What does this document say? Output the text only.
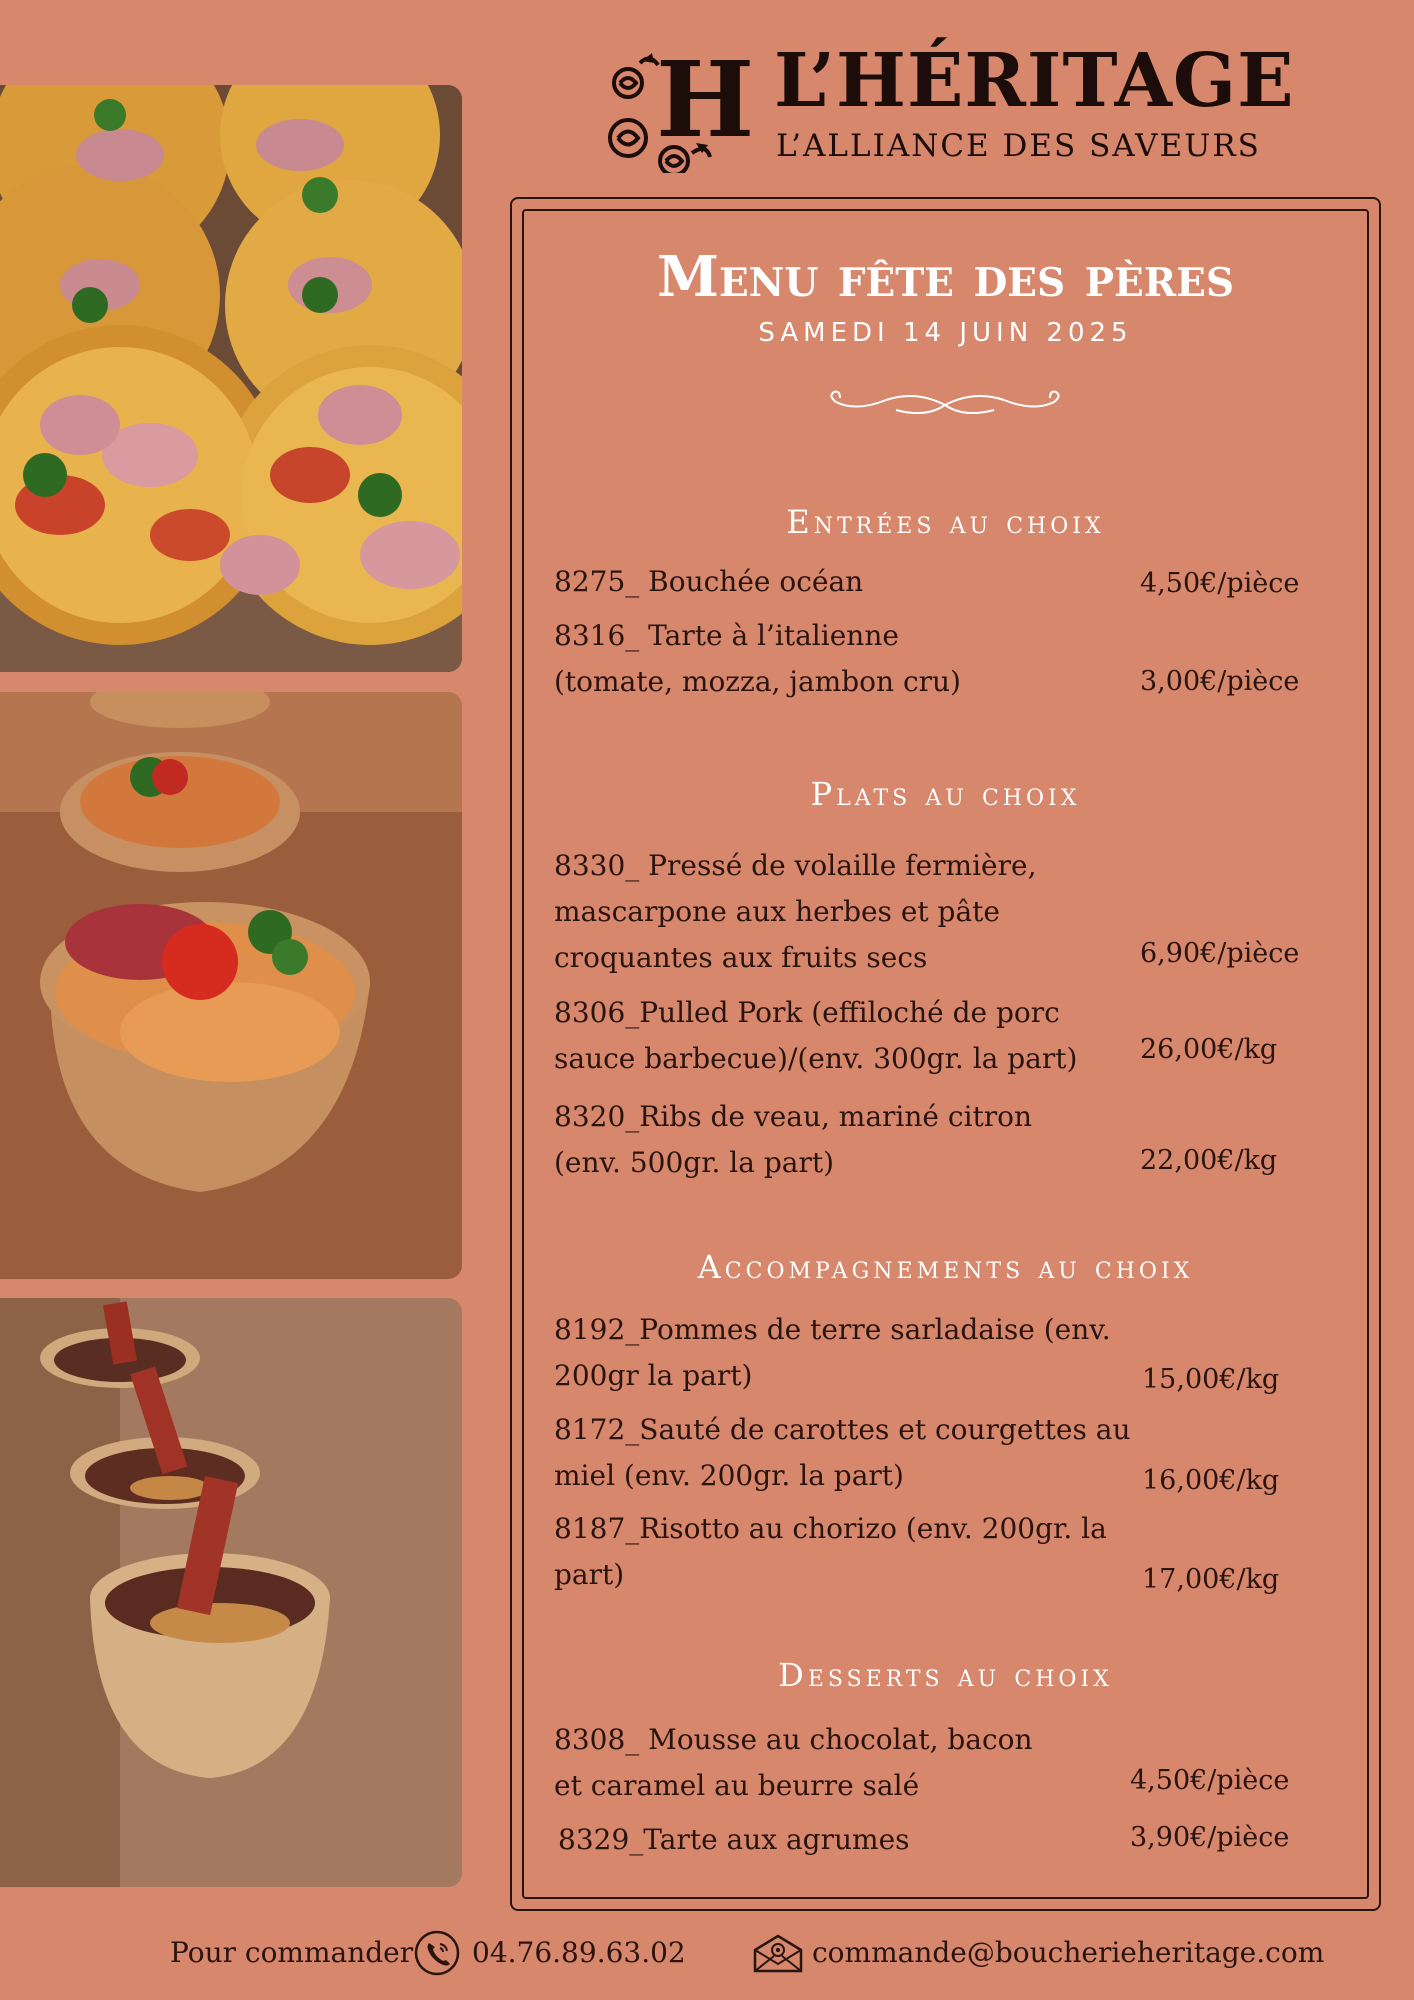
H L’HÉRITAGE
L’ALLIANCE DES SAVEURS
Menu fête des pères
SAMEDI 14 JUIN 2025
Entrées au choix
8275_ Bouchée océan	4,50€/pièce
8316_ Tarte à l’italienne
(tomate, mozza, jambon cru)	3,00€/pièce
Plats au choix
8330_ Pressé de volaille fermière,
mascarpone aux herbes et pâte
croquantes aux fruits secs	6,90€/pièce
8306_Pulled Pork (effiloché de porc
sauce barbecue)/(env. 300gr. la part)	26,00€/kg
8320_Ribs de veau, mariné citron
(env. 500gr. la part)	22,00€/kg
Accompagnements au choix
8192_Pommes de terre sarladaise (env.
200gr la part)	15,00€/kg
8172_Sauté de carottes et courgettes au
miel (env. 200gr. la part)	16,00€/kg
8187_Risotto au chorizo (env. 200gr. la
part)	17,00€/kg
Desserts au choix
8308_ Mousse au chocolat, bacon
et caramel au beurre salé	4,50€/pièce
8329_Tarte aux agrumes	3,90€/pièce
Pour commander 04.76.89.63.02	commande@boucherieheritage.com
